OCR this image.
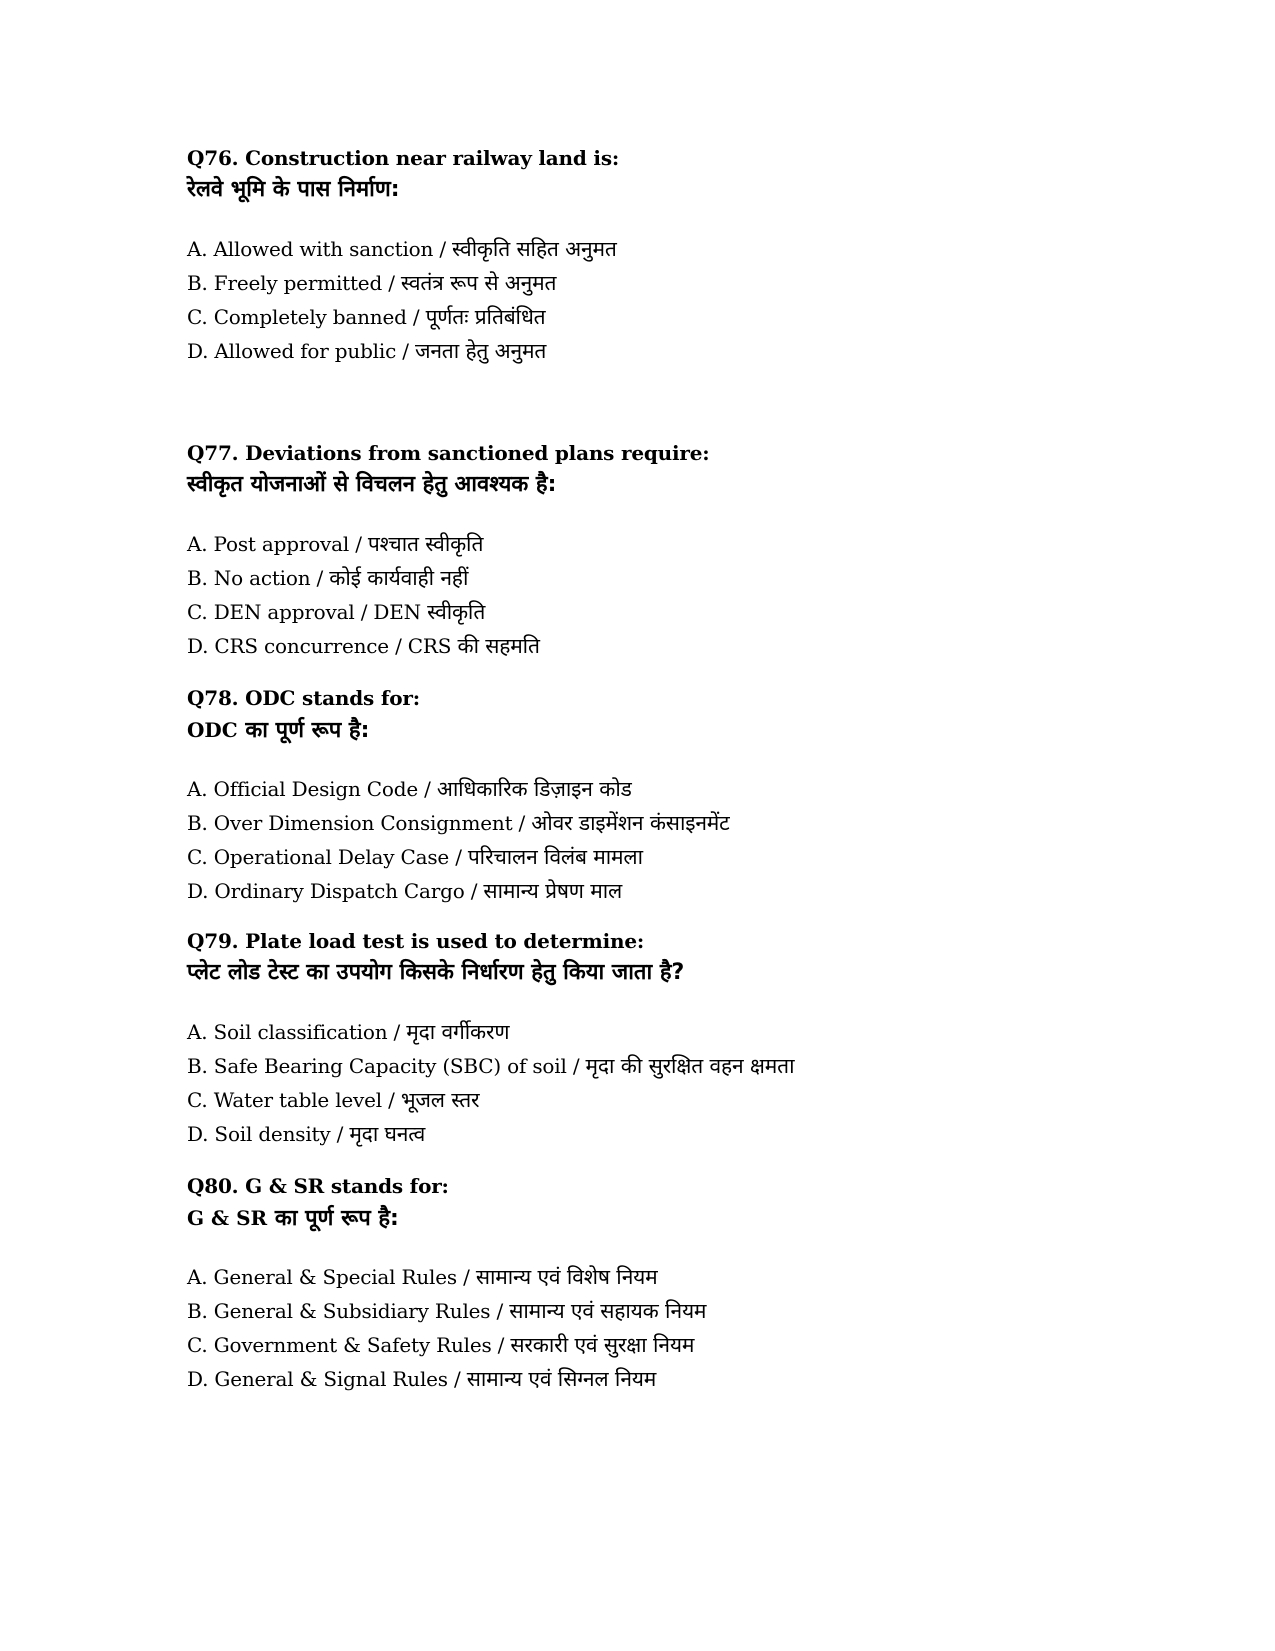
Q76. Construction near railway land is:
रेलवे भूमि के पास निर्माण:
A. Allowed with sanction / स्वीकृति सहित अनुमत
B. Freely permitted / स्वतंत्र रूप से अनुमत
C. Completely banned / पूर्णतः प्रतिबंधित
D. Allowed for public / जनता हेतु अनुमत
Q77. Deviations from sanctioned plans require:
स्वीकृत योजनाओं से विचलन हेतु आवश्यक है:
A. Post approval / पश्चात स्वीकृति
B. No action / कोई कार्यवाही नहीं
C. DEN approval / DEN स्वीकृति
D. CRS concurrence / CRS की सहमति
Q78. ODC stands for:
ODC का पूर्ण रूप है:
A. Official Design Code / आधिकारिक डिज़ाइन कोड
B. Over Dimension Consignment / ओवर डाइमेंशन कंसाइनमेंट
C. Operational Delay Case / परिचालन विलंब मामला
D. Ordinary Dispatch Cargo / सामान्य प्रेषण माल
Q79. Plate load test is used to determine:
प्लेट लोड टेस्ट का उपयोग किसके निर्धारण हेतु किया जाता है?
A. Soil classification / मृदा वर्गीकरण
B. Safe Bearing Capacity (SBC) of soil / मृदा की सुरक्षित वहन क्षमता
C. Water table level / भूजल स्तर
D. Soil density / मृदा घनत्व
Q80. G & SR stands for:
G & SR का पूर्ण रूप है:
A. General & Special Rules / सामान्य एवं विशेष नियम
B. General & Subsidiary Rules / सामान्य एवं सहायक नियम
C. Government & Safety Rules / सरकारी एवं सुरक्षा नियम
D. General & Signal Rules / सामान्य एवं सिग्नल नियम
